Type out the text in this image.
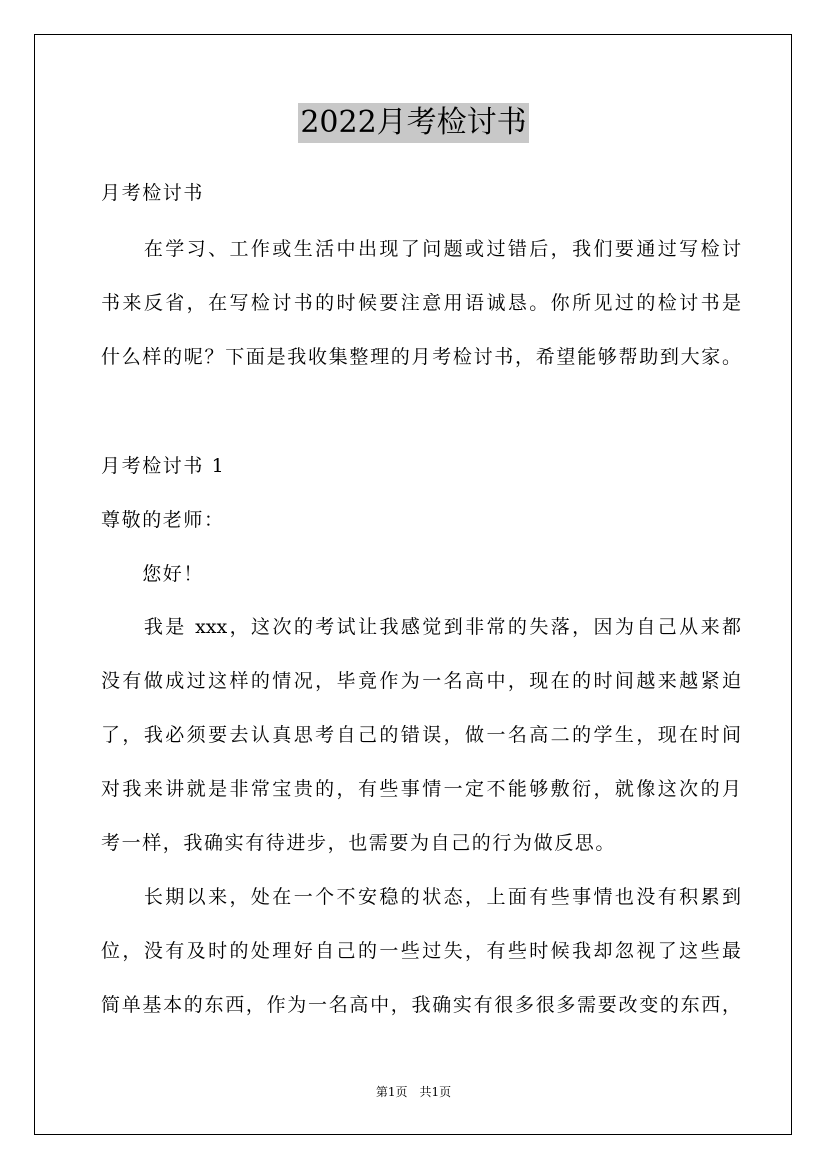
2022月考检讨书
月考检讨书
　　在学习、工作或生活中出现了问题或过错后，我们要通过写检讨
书来反省，在写检讨书的时候要注意用语诚恳。你所见过的检讨书是
什么样的呢？下面是我收集整理的月考检讨书，希望能够帮助到大家。
月考检讨书 1
尊敬的老师：
　　您好！
　　我是 xxx，这次的考试让我感觉到非常的失落，因为自己从来都
没有做成过这样的情况，毕竟作为一名高中，现在的时间越来越紧迫
了，我必须要去认真思考自己的错误，做一名高二的学生，现在时间
对我来讲就是非常宝贵的，有些事情一定不能够敷衍，就像这次的月
考一样，我确实有待进步，也需要为自己的行为做反思。
　　长期以来，处在一个不安稳的状态，上面有些事情也没有积累到
位，没有及时的处理好自己的一些过失，有些时候我却忽视了这些最
简单基本的东西，作为一名高中，我确实有很多很多需要改变的东西，
第1页　共1页
